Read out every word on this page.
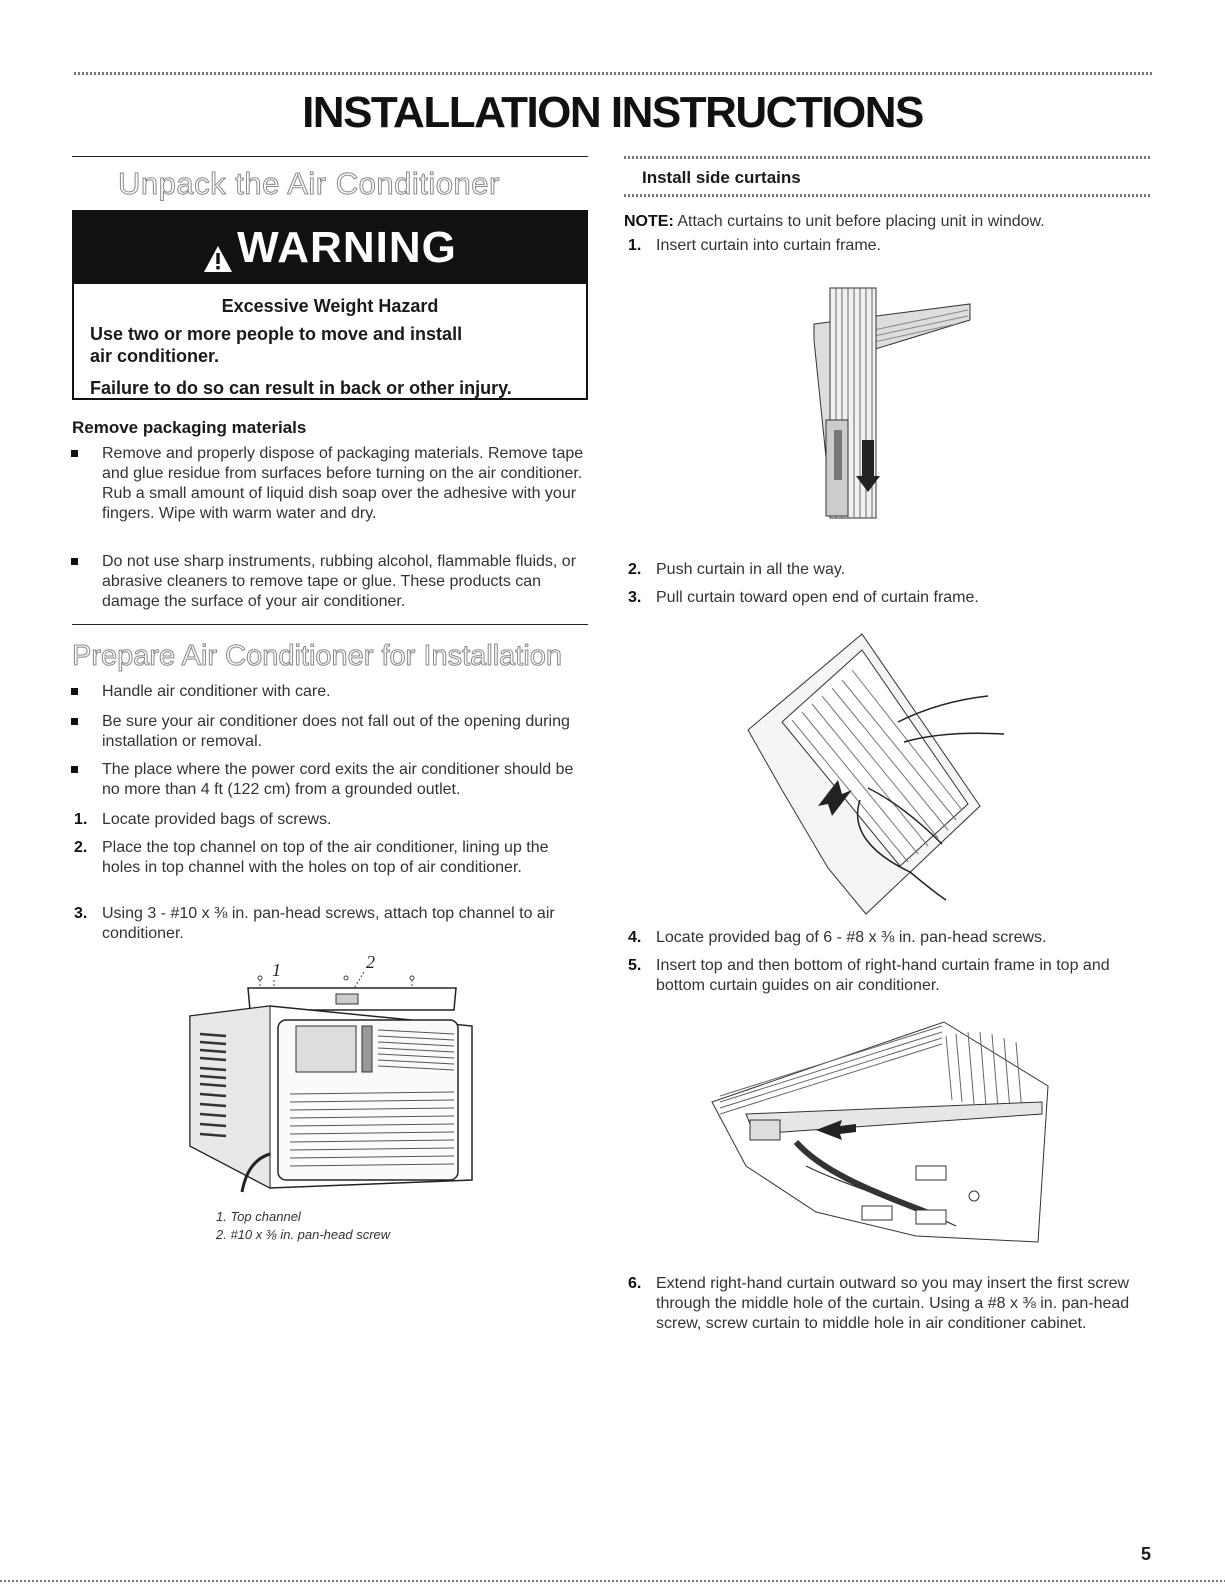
INSTALLATION INSTRUCTIONS
Unpack the Air Conditioner
WARNING
Excessive Weight Hazard
Use two or more people to move and install
air conditioner.
Failure to do so can result in back or other injury.
Remove packaging materials
Remove and properly dispose of packaging materials. Remove tape and glue residue from surfaces before turning on the air conditioner. Rub a small amount of liquid dish soap over the adhesive with your fingers. Wipe with warm water and dry.
Do not use sharp instruments, rubbing alcohol, flammable fluids, or abrasive cleaners to remove tape or glue. These products can damage the surface of your air conditioner.
Prepare Air Conditioner for Installation
Handle air conditioner with care.
Be sure your air conditioner does not fall out of the opening during installation or removal.
The place where the power cord exits the air conditioner should be no more than 4 ft (122 cm) from a grounded outlet.
1. Locate provided bags of screws.
2. Place the top channel on top of the air conditioner, lining up the holes in top channel with the holes on top of air conditioner.
3. Using 3 - #10 x ⅜ in. pan-head screws, attach top channel to air conditioner.
1	2
1. Top channel
2. #10 x ⅜ in. pan-head screw
Install side curtains
NOTE: Attach curtains to unit before placing unit in window.
1. Insert curtain into curtain frame.
2. Push curtain in all the way.
3. Pull curtain toward open end of curtain frame.
4. Locate provided bag of 6 - #8 x ⅜ in. pan-head screws.
5. Insert top and then bottom of right-hand curtain frame in top and bottom curtain guides on air conditioner.
6. Extend right-hand curtain outward so you may insert the first screw through the middle hole of the curtain. Using a #8 x ⅜ in. pan-head screw, screw curtain to middle hole in air conditioner cabinet.
5
